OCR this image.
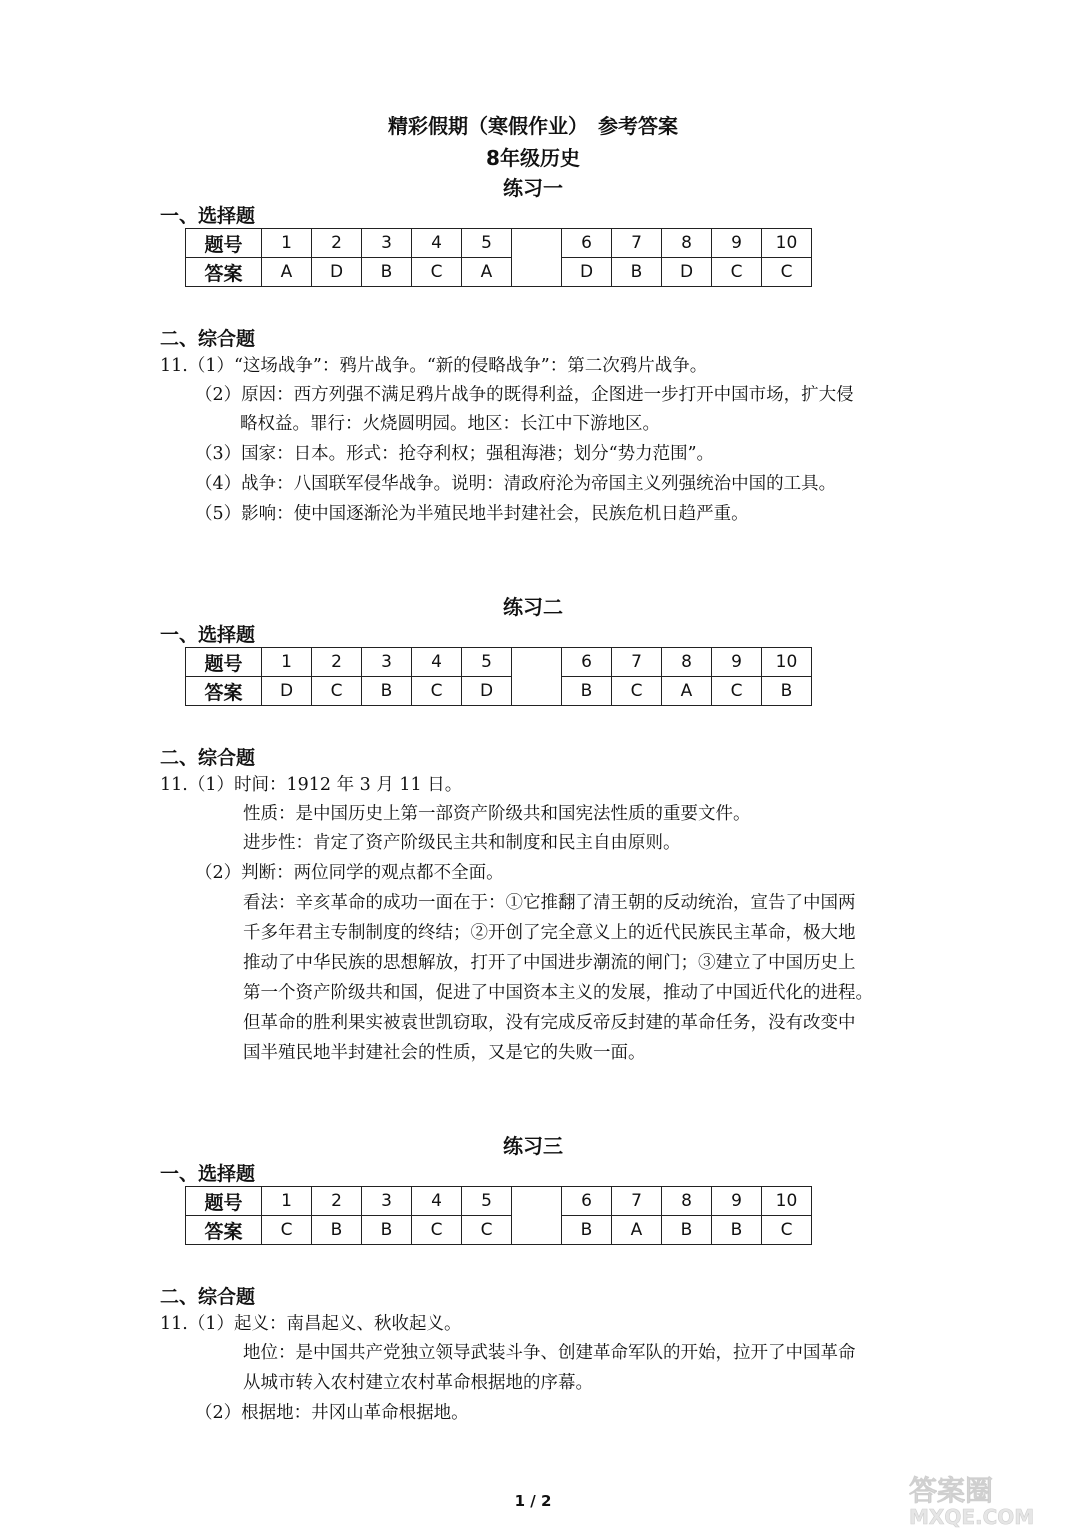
精彩假期（寒假作业）　参考答案
8年级历史
练习一
一、选择题
题号	1	2	3	4	5		6	7	8	9	10
答案	A	D	B	C	A		D	B	D	C	C
二、综合题
11.（1）“这场战争”：鸦片战争。“新的侵略战争”：第二次鸦片战争。
（2）原因：西方列强不满足鸦片战争的既得利益，企图进一步打开中国市场，扩大侵
略权益。罪行：火烧圆明园。地区：长江中下游地区。
（3）国家：日本。形式：抢夺利权；强租海港；划分“势力范围”。
（4）战争：八国联军侵华战争。说明：清政府沦为帝国主义列强统治中国的工具。
（5）影响：使中国逐渐沦为半殖民地半封建社会，民族危机日趋严重。
练习二
一、选择题
题号	1	2	3	4	5		6	7	8	9	10
答案	D	C	B	C	D		B	C	A	C	B
二、综合题
11.（1）时间：1912 年 3 月 11 日。
性质：是中国历史上第一部资产阶级共和国宪法性质的重要文件。
进步性：肯定了资产阶级民主共和制度和民主自由原则。
（2）判断：两位同学的观点都不全面。
看法：辛亥革命的成功一面在于：①它推翻了清王朝的反动统治，宣告了中国两
千多年君主专制制度的终结；②开创了完全意义上的近代民族民主革命，极大地
推动了中华民族的思想解放，打开了中国进步潮流的闸门；③建立了中国历史上
第一个资产阶级共和国，促进了中国资本主义的发展，推动了中国近代化的进程。
但革命的胜利果实被袁世凯窃取，没有完成反帝反封建的革命任务，没有改变中
国半殖民地半封建社会的性质，又是它的失败一面。
练习三
一、选择题
题号	1	2	3	4	5		6	7	8	9	10
答案	C	B	B	C	C		B	A	B	B	C
二、综合题
11.（1）起义：南昌起义、秋收起义。
地位：是中国共产党独立领导武装斗争、创建革命军队的开始，拉开了中国革命
从城市转入农村建立农村革命根据地的序幕。
（2）根据地：井冈山革命根据地。
1 / 2	答案圈
MXQE.COM
